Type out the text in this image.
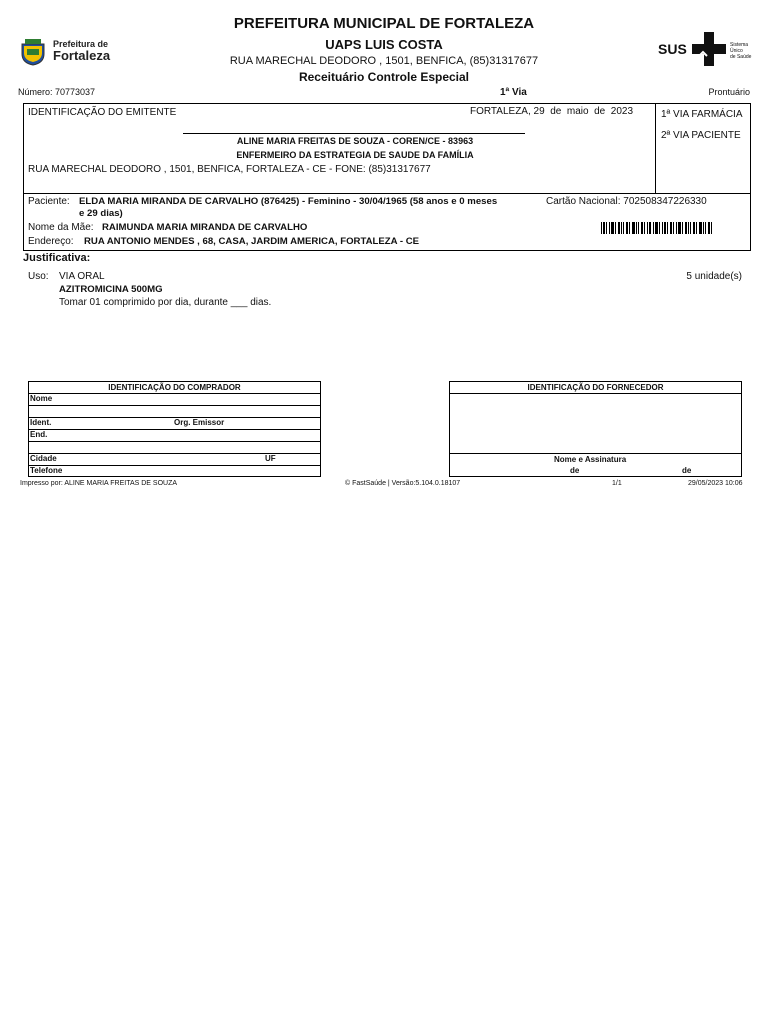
Prefeitura de
Fortaleza
PREFEITURA MUNICIPAL DE FORTALEZA
UAPS LUIS COSTA
RUA MARECHAL DEODORO , 1501, BENFICA, (85)31317677
Receituário Controle Especial
SUS	Sistema
Único
de Saúde
Número: 70773037	1ª Via	Prontuário
IDENTIFICAÇÃO DO EMITENTE	FORTALEZA, 29  de  maio  de  2023
ALINE MARIA FREITAS DE SOUZA - COREN/CE - 83963
ENFERMEIRO DA ESTRATEGIA DE SAUDE DA FAMÍLIA
RUA MARECHAL DEODORO , 1501, BENFICA, FORTALEZA - CE - FONE: (85)31317677
1ª VIA FARMÁCIA
2ª VIA PACIENTE
Paciente: ELDA MARIA MIRANDA DE CARVALHO (876425) - Feminino - 30/04/1965 (58 anos e 0 meses
e 29 dias)
Cartão Nacional: 702508347226330
Nome da Mãe: RAIMUNDA MARIA MIRANDA DE CARVALHO
Endereço: RUA ANTONIO MENDES , 68, CASA, JARDIM AMERICA, FORTALEZA - CE
Justificativa:
Uso: VIA ORAL	5 unidade(s)
AZITROMICINA 500MG
Tomar 01 comprimido por dia, durante ___ dias.
IDENTIFICAÇÃO DO COMPRADOR
Nome
Ident.	Org. Emissor
End.
Cidade	UF
Telefone
IDENTIFICAÇÃO DO FORNECEDOR
Nome e Assinatura
de	de
Impresso por: ALINE MARIA FREITAS DE SOUZA	© FastSaúde | Versão:5.104.0.18107	1/1	29/05/2023 10:06
